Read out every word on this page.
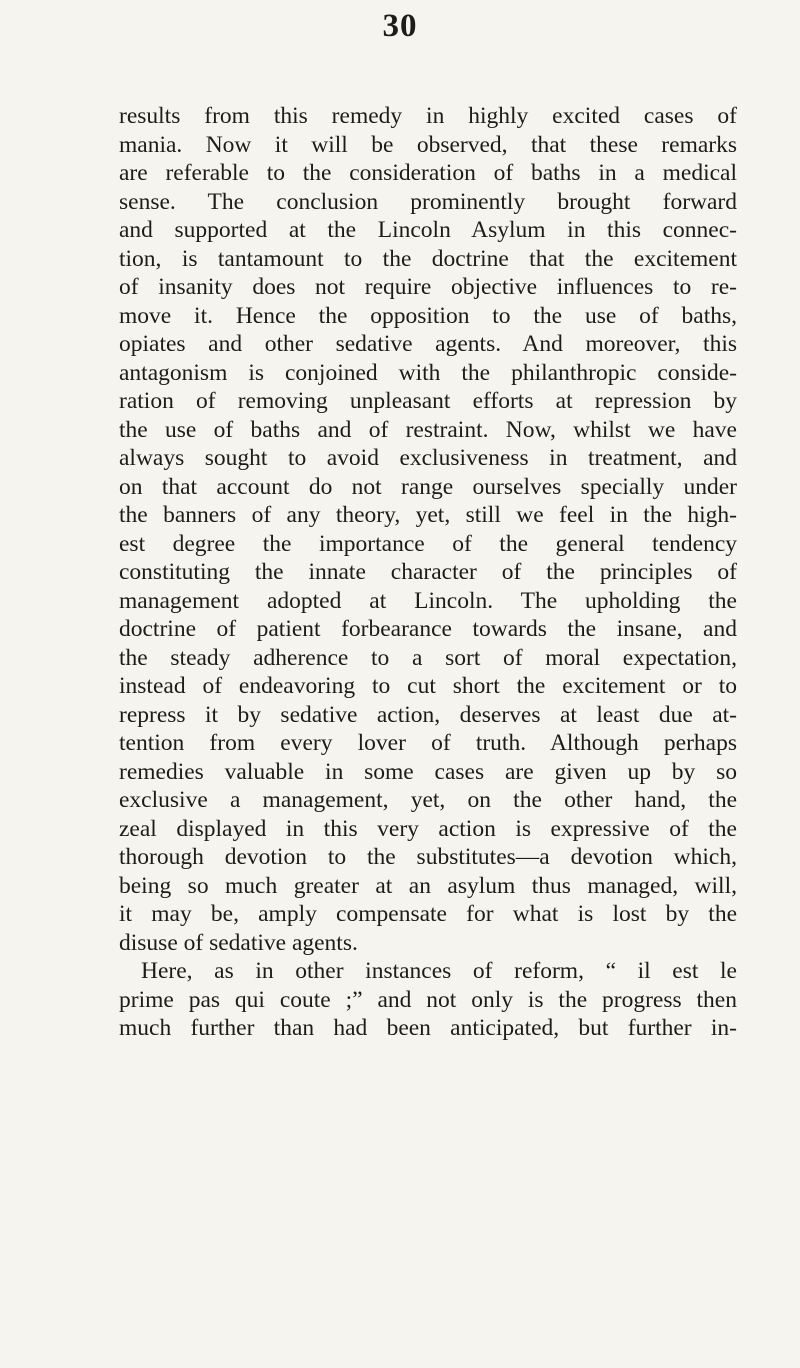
30
results from this remedy in highly excited cases of
mania. Now it will be observed, that these remarks
are referable to the consideration of baths in a medical
sense. The conclusion prominently brought forward
and supported at the Lincoln Asylum in this connec-
tion, is tantamount to the doctrine that the excitement
of insanity does not require objective influences to re-
move it. Hence the opposition to the use of baths,
opiates and other sedative agents. And moreover, this
antagonism is conjoined with the philanthropic conside-
ration of removing unpleasant efforts at repression by
the use of baths and of restraint. Now, whilst we have
always sought to avoid exclusiveness in treatment, and
on that account do not range ourselves specially under
the banners of any theory, yet, still we feel in the high-
est degree the importance of the general tendency
constituting the innate character of the principles of
management adopted at Lincoln. The upholding the
doctrine of patient forbearance towards the insane, and
the steady adherence to a sort of moral expectation,
instead of endeavoring to cut short the excitement or to
repress it by sedative action, deserves at least due at-
tention from every lover of truth. Although perhaps
remedies valuable in some cases are given up by so
exclusive a management, yet, on the other hand, the
zeal displayed in this very action is expressive of the
thorough devotion to the substitutes—a devotion which,
being so much greater at an asylum thus managed, will,
it may be, amply compensate for what is lost by the
disuse of sedative agents.
Here, as in other instances of reform, “ il est le
prime pas qui coute ;” and not only is the progress then
much further than had been anticipated, but further in-
